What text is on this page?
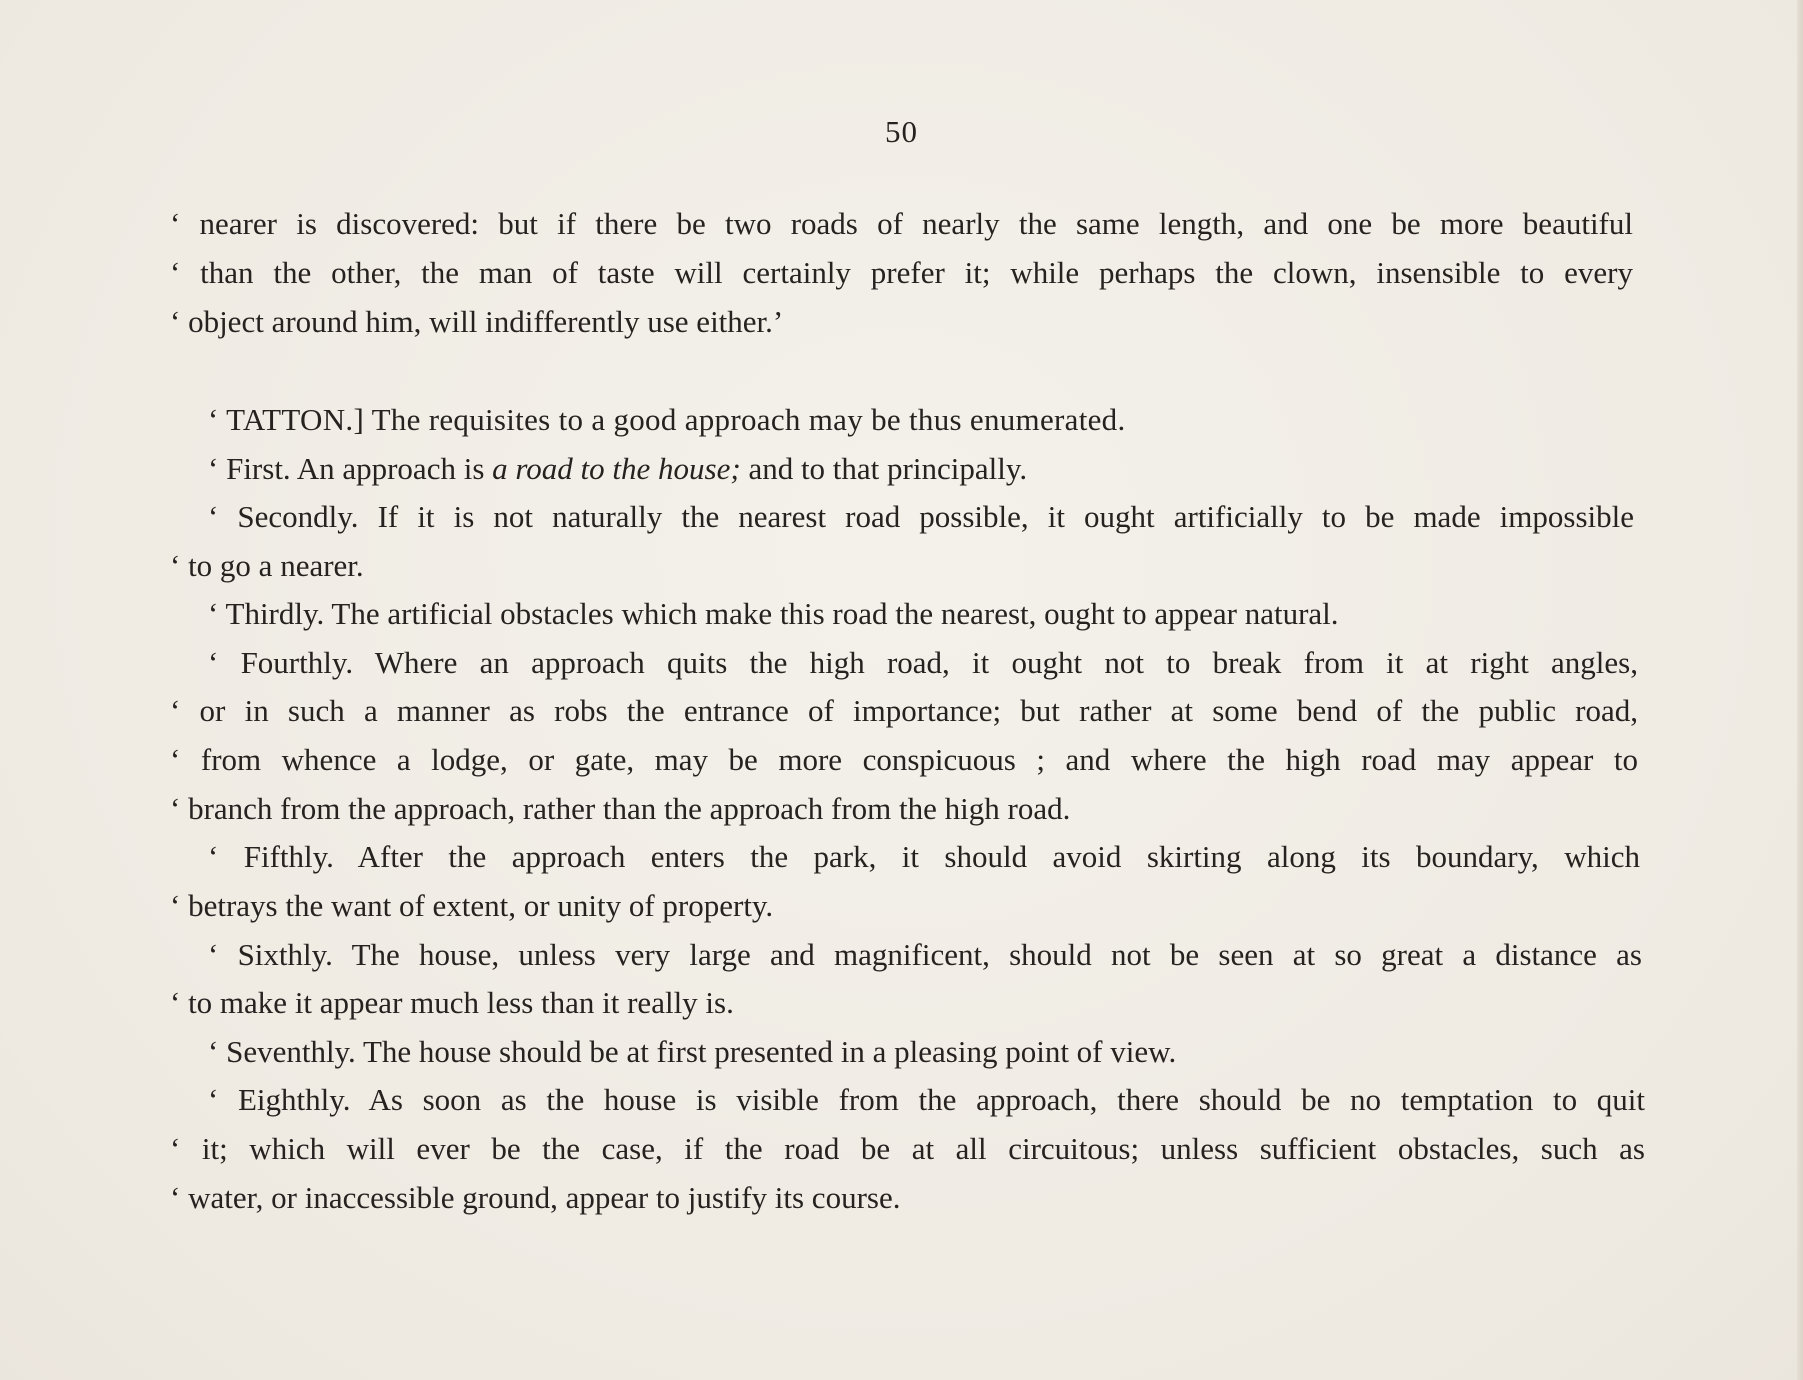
50
‘ nearer is discovered: but if there be two roads of nearly the same length, and one be more beautiful
‘ than the other, the man of taste will certainly prefer it; while perhaps the clown, insensible to every
‘ object around him, will indifferently use either.’
‘ TATTON.] The requisites to a good approach may be thus enumerated.
‘ First. An approach is a road to the house; and to that principally.
‘ Secondly. If it is not naturally the nearest road possible, it ought artificially to be made impossible
‘ to go a nearer.
‘ Thirdly. The artificial obstacles which make this road the nearest, ought to appear natural.
‘ Fourthly. Where an approach quits the high road, it ought not to break from it at right angles,
‘ or in such a manner as robs the entrance of importance; but rather at some bend of the public road,
‘ from whence a lodge, or gate, may be more conspicuous ; and where the high road may appear to
‘ branch from the approach, rather than the approach from the high road.
‘ Fifthly. After the approach enters the park, it should avoid skirting along its boundary, which
‘ betrays the want of extent, or unity of property.
‘ Sixthly. The house, unless very large and magnificent, should not be seen at so great a distance as
‘ to make it appear much less than it really is.
‘ Seventhly. The house should be at first presented in a pleasing point of view.
‘ Eighthly. As soon as the house is visible from the approach, there should be no temptation to quit
‘ it; which will ever be the case, if the road be at all circuitous; unless sufficient obstacles, such as
‘ water, or inaccessible ground, appear to justify its course.
